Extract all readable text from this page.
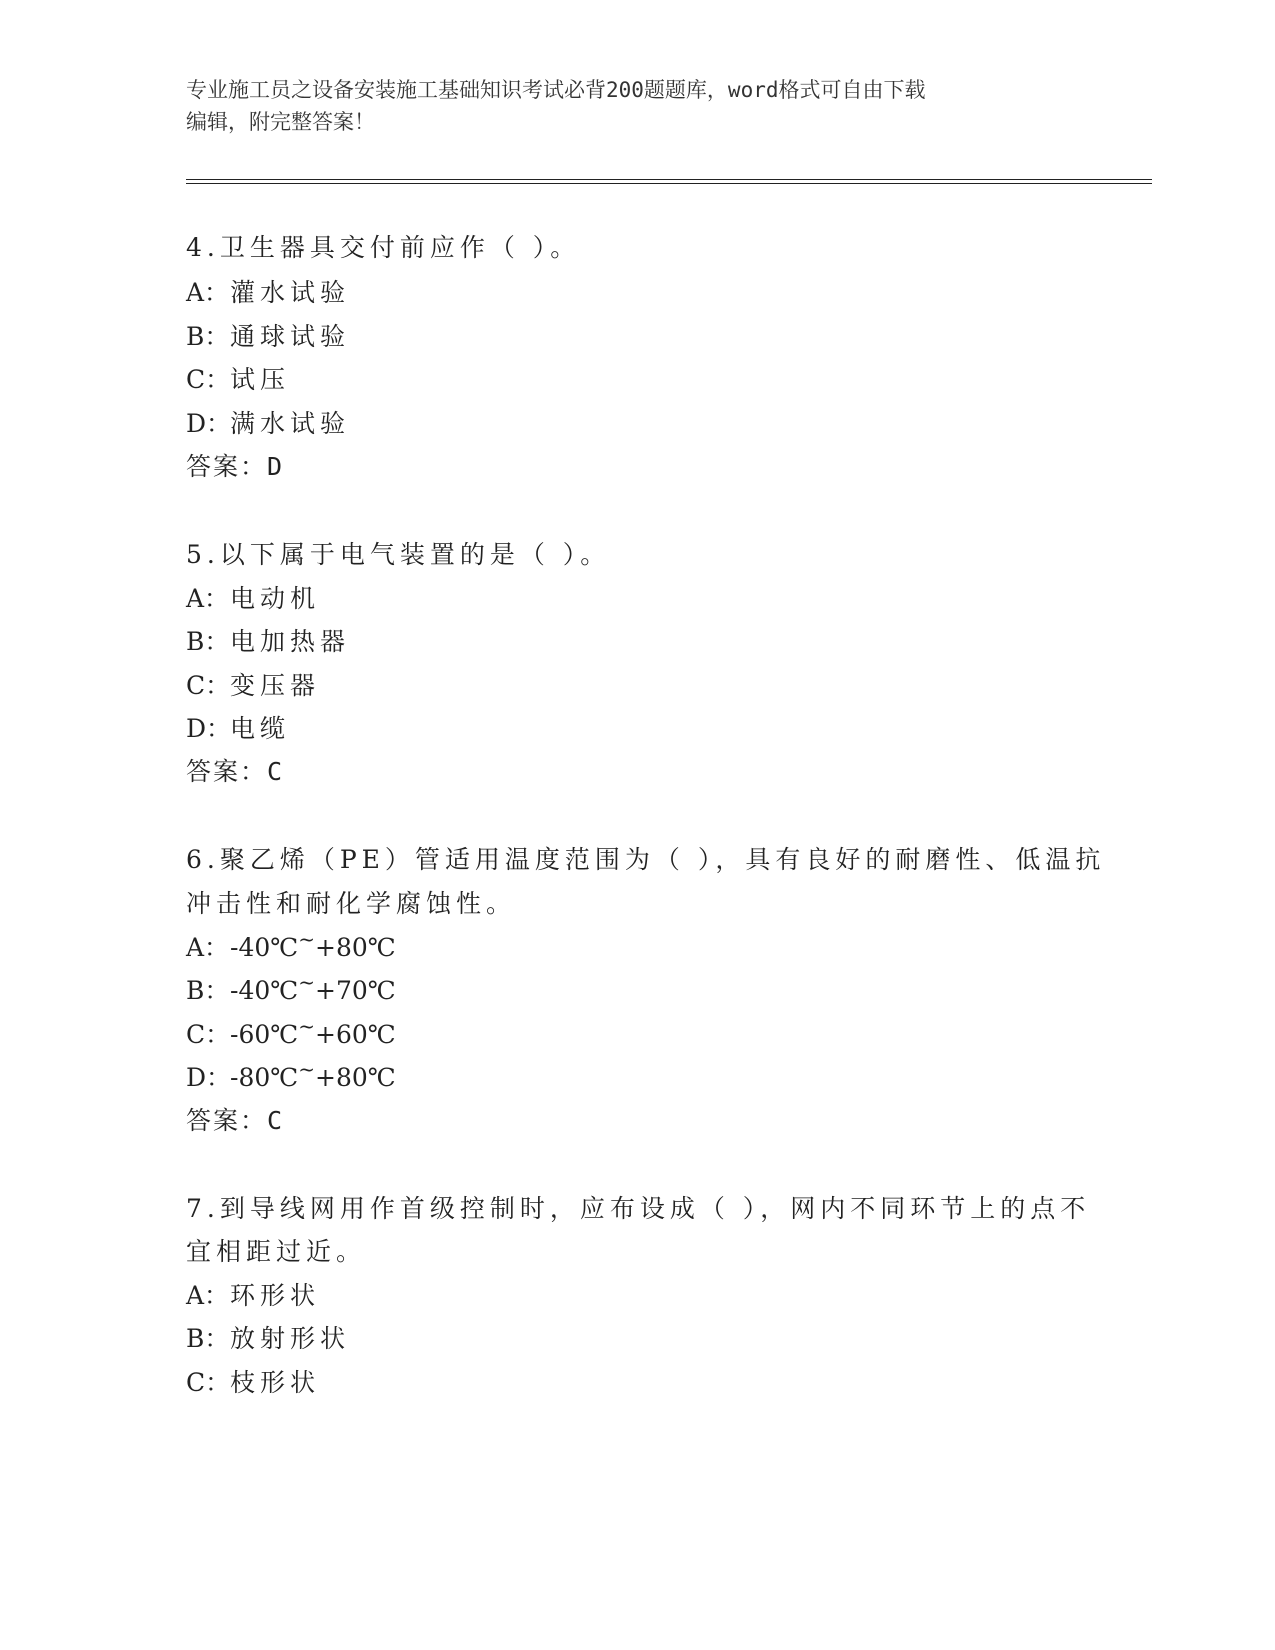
专业施工员之设备安装施工基础知识考试必背200题题库，word格式可自由下载
编辑，附完整答案！
4.卫生器具交付前应作（ ）。
A：灌水试验
B：通球试验
C：试压
D：满水试验
答案：D
5.以下属于电气装置的是（ ）。
A：电动机
B：电加热器
C：变压器
D：电缆
答案：C
6.聚乙烯（PE）管适用温度范围为（ ），具有良好的耐磨性、低温抗
冲击性和耐化学腐蚀性。
A：-40℃~+80℃
B：-40℃~+70℃
C：-60℃~+60℃
D：-80℃~+80℃
答案：C
7.到导线网用作首级控制时，应布设成（ ），网内不同环节上的点不
宜相距过近。
A：环形状
B：放射形状
C：枝形状
